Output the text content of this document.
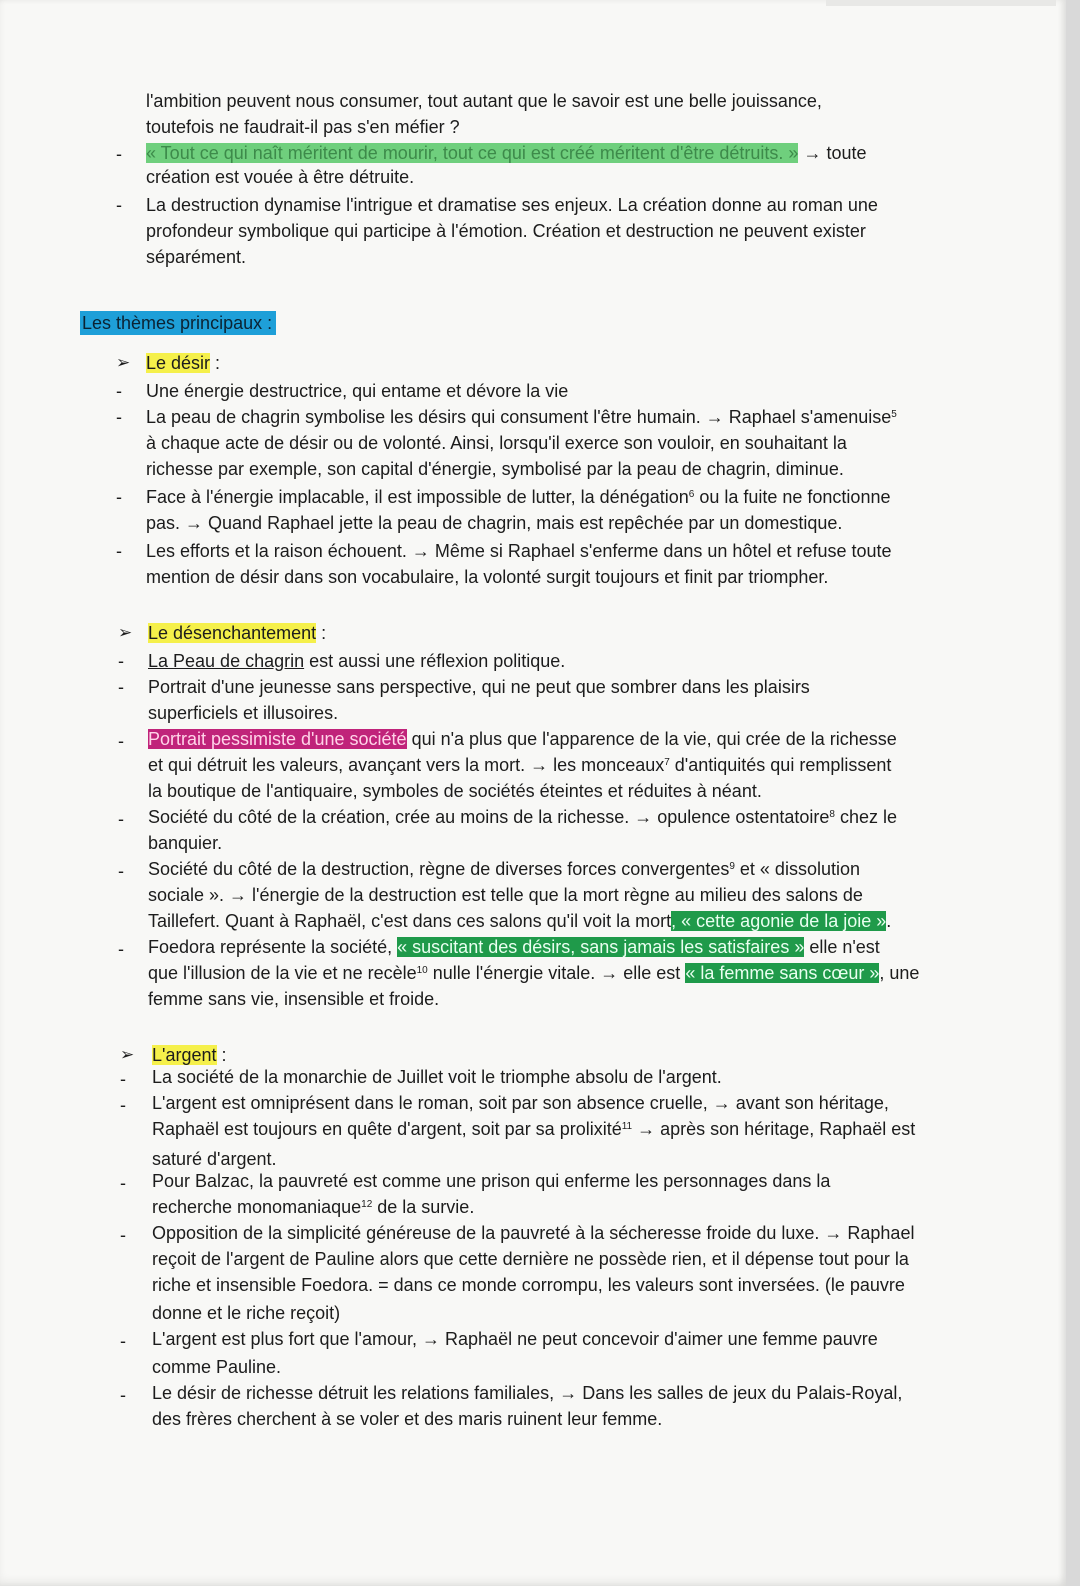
l'ambition peuvent nous consumer, tout autant que le savoir est une belle jouissance,
toutefois ne faudrait-il pas s'en méfier ?
- « Tout ce qui naît méritent de mourir, tout ce qui est créé méritent d'être détruits. » → toute
création est vouée à être détruite.
- La destruction dynamise l'intrigue et dramatise ses enjeux. La création donne au roman une
profondeur symbolique qui participe à l'émotion. Création et destruction ne peuvent exister
séparément.
Les thèmes principaux :
➢ Le désir :
- Une énergie destructrice, qui entame et dévore la vie
- La peau de chagrin symbolise les désirs qui consument l'être humain. → Raphael s'amenuise$^5$
à chaque acte de désir ou de volonté. Ainsi, lorsqu'il exerce son vouloir, en souhaitant la
richesse par exemple, son capital d'énergie, symbolisé par la peau de chagrin, diminue.
- Face à l'énergie implacable, il est impossible de lutter, la dénégation$^6$ ou la fuite ne fonctionne
pas. → Quand Raphael jette la peau de chagrin, mais est repêchée par un domestique.
- Les efforts et la raison échouent. → Même si Raphael s'enferme dans un hôtel et refuse toute
mention de désir dans son vocabulaire, la volonté surgit toujours et finit par triompher.
➢ Le désenchantement :
- La Peau de chagrin est aussi une réflexion politique.
- Portrait d'une jeunesse sans perspective, qui ne peut que sombrer dans les plaisirs
superficiels et illusoires.
- Portrait pessimiste d'une société qui n'a plus que l'apparence de la vie, qui crée de la richesse
et qui détruit les valeurs, avançant vers la mort. → les monceaux$^7$ d'antiquités qui remplissent
la boutique de l'antiquaire, symboles de sociétés éteintes et réduites à néant.
- Société du côté de la création, crée au moins de la richesse. → opulence ostentatoire$^8$ chez le
banquier.
- Société du côté de la destruction, règne de diverses forces convergentes$^9$ et « dissolution
sociale ». → l'énergie de la destruction est telle que la mort règne au milieu des salons de
Taillefert. Quant à Raphaël, c'est dans ces salons qu'il voit la mort, « cette agonie de la joie ».
- Foedora représente la société, « suscitant des désirs, sans jamais les satisfaires » elle n'est
que l'illusion de la vie et ne recèle$^{10}$ nulle l'énergie vitale. → elle est « la femme sans cœur », une
femme sans vie, insensible et froide.
➢ L'argent :
- La société de la monarchie de Juillet voit le triomphe absolu de l'argent.
- L'argent est omniprésent dans le roman, soit par son absence cruelle, → avant son héritage,
Raphaël est toujours en quête d'argent, soit par sa prolixité$^{11}$ → après son héritage, Raphaël est
saturé d'argent.
- Pour Balzac, la pauvreté est comme une prison qui enferme les personnages dans la
recherche monomaniaque$^{12}$ de la survie.
- Opposition de la simplicité généreuse de la pauvreté à la sécheresse froide du luxe. → Raphael
reçoit de l'argent de Pauline alors que cette dernière ne possède rien, et il dépense tout pour la
riche et insensible Foedora. = dans ce monde corrompu, les valeurs sont inversées. (le pauvre
donne et le riche reçoit)
- L'argent est plus fort que l'amour, → Raphaël ne peut concevoir d'aimer une femme pauvre
comme Pauline.
- Le désir de richesse détruit les relations familiales, → Dans les salles de jeux du Palais-Royal,
des frères cherchent à se voler et des maris ruinent leur femme.
